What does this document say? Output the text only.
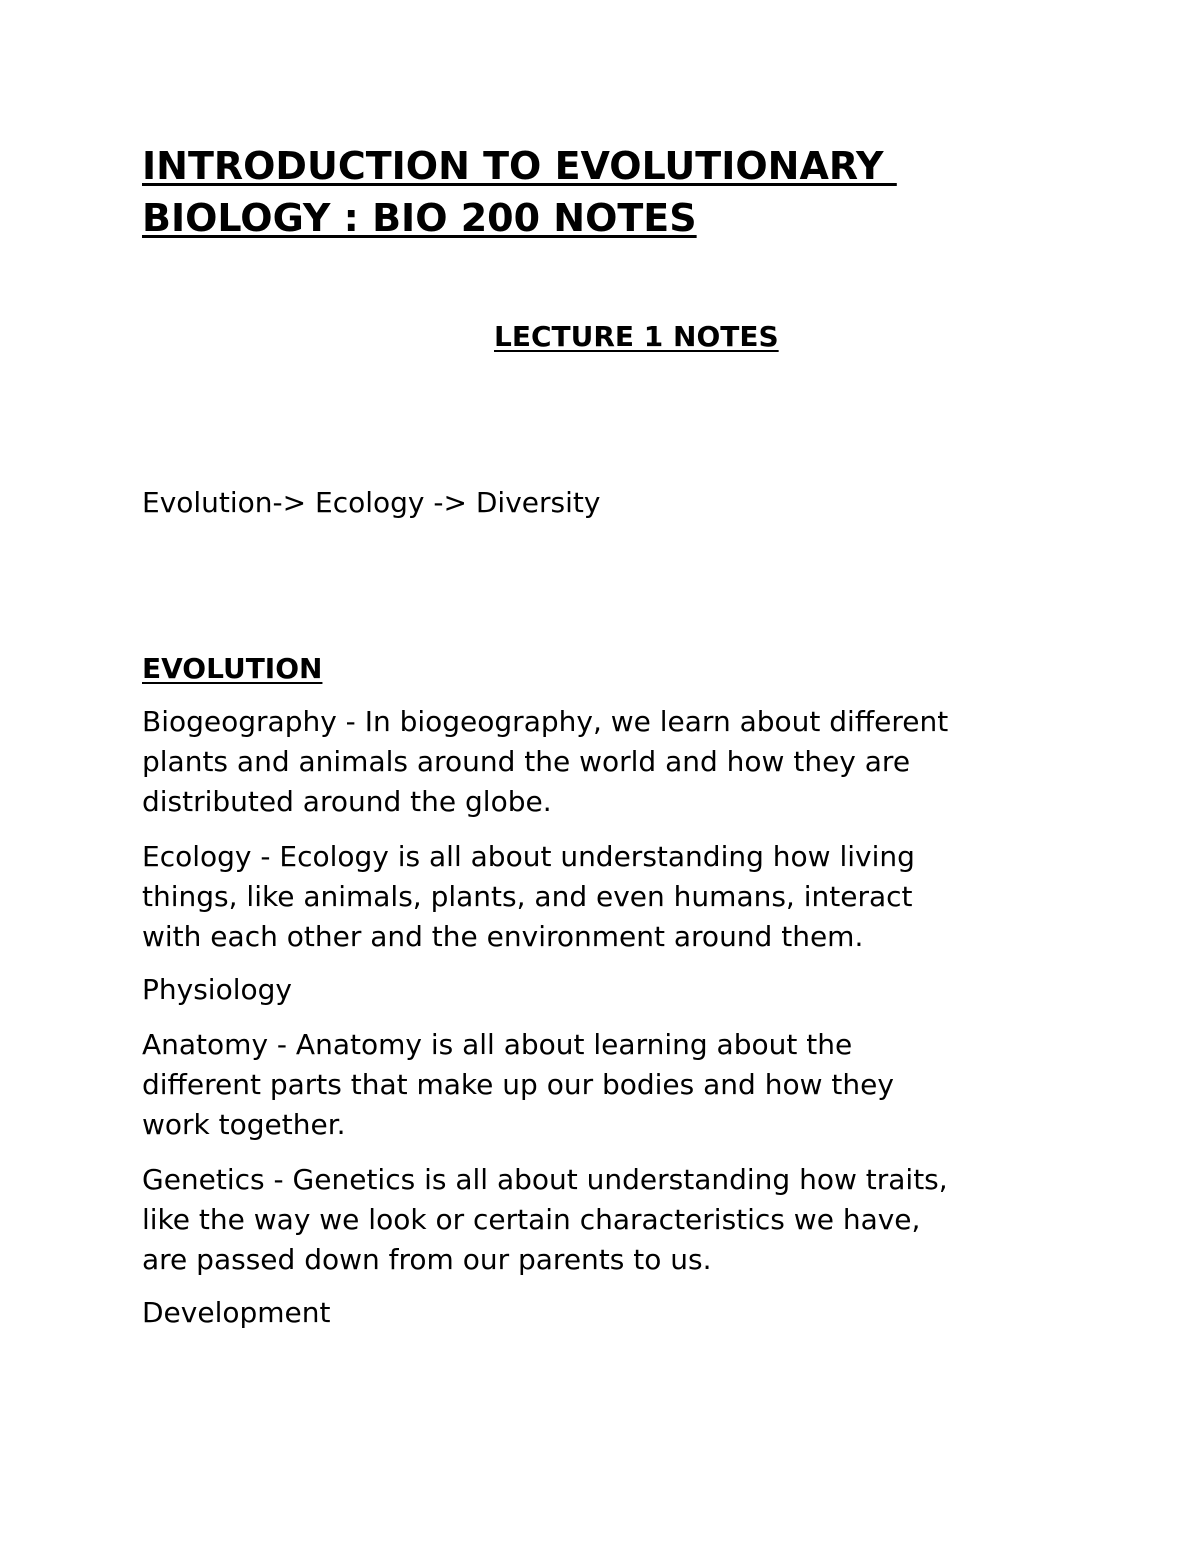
INTRODUCTION TO EVOLUTIONARY
BIOLOGY : BIO 200 NOTES
LECTURE 1 NOTES
Evolution-> Ecology -> Diversity
EVOLUTION
Biogeography - In biogeography, we learn about different
plants and animals around the world and how they are
distributed around the globe.
Ecology - Ecology is all about understanding how living
things, like animals, plants, and even humans, interact
with each other and the environment around them.
Physiology
Anatomy - Anatomy is all about learning about the
different parts that make up our bodies and how they
work together.
Genetics - Genetics is all about understanding how traits,
like the way we look or certain characteristics we have,
are passed down from our parents to us.
Development
